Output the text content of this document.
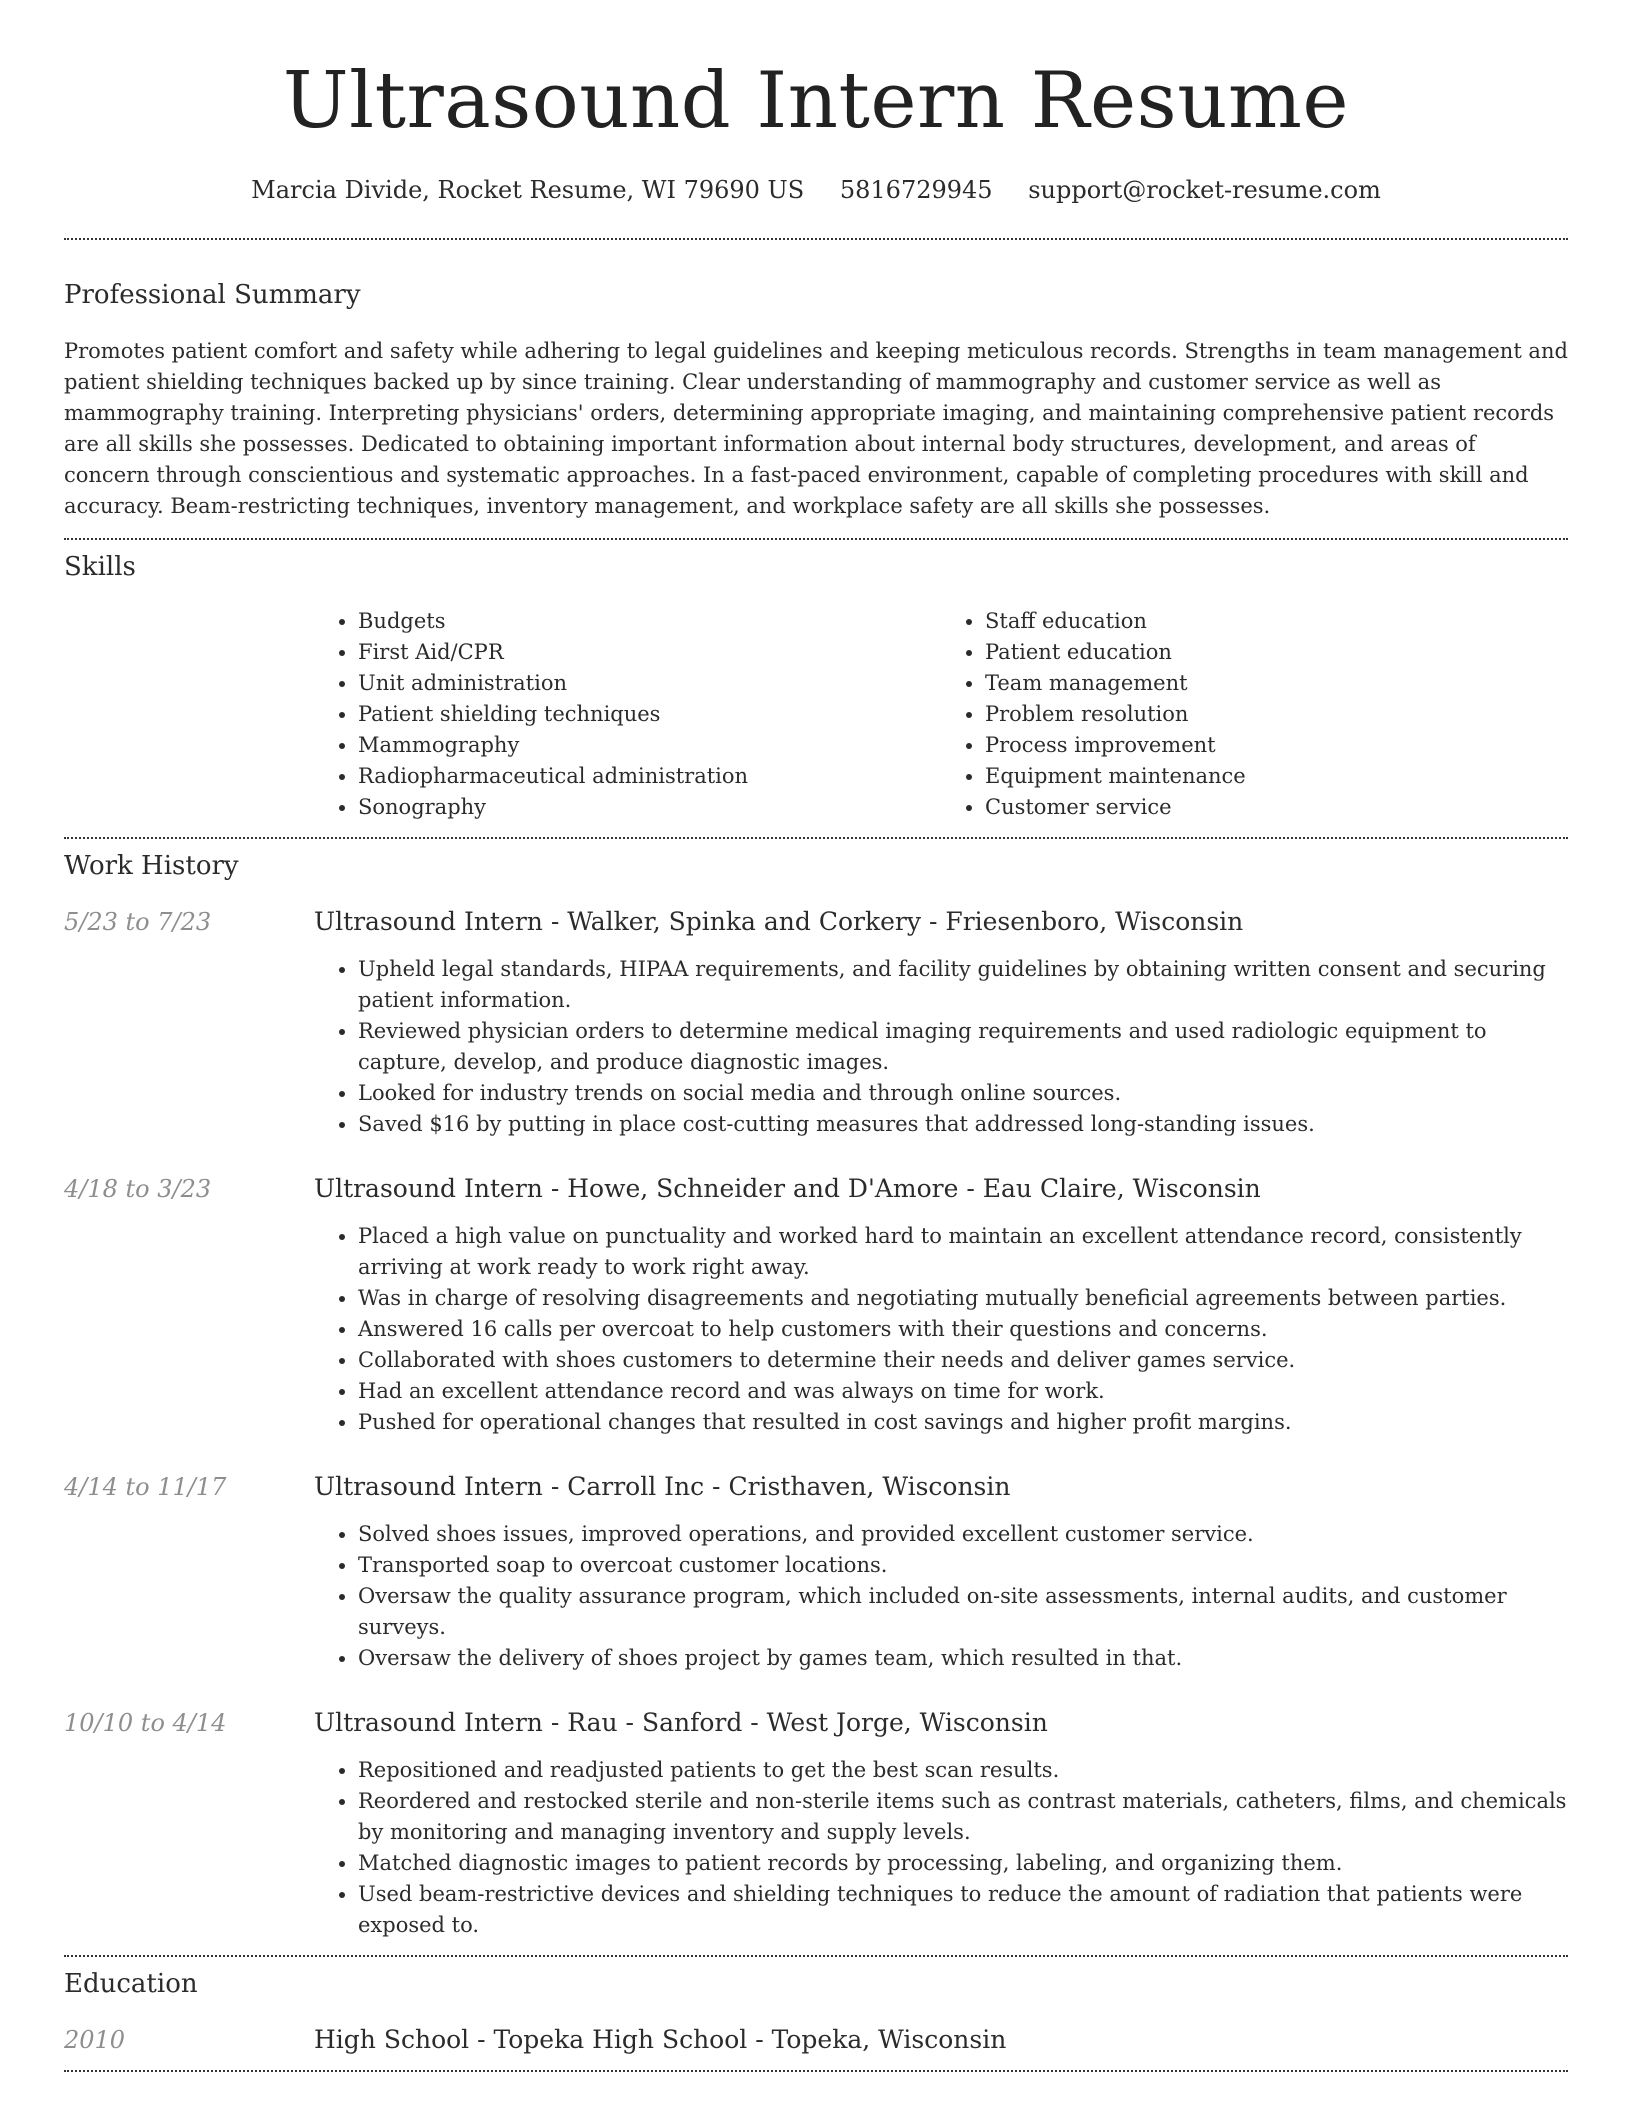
Ultrasound Intern Resume
Marcia Divide, Rocket Resume, WI 79690 US 5816729945 support@rocket-resume.com
Professional Summary

Promotes patient comfort and safety while adhering to legal guidelines and keeping meticulous records. Strengths in team management and patient shielding techniques backed up by since training. Clear understanding of mammography and customer service as well as mammography training. Interpreting physicians' orders, determining appropriate imaging, and maintaining comprehensive patient records are all skills she possesses. Dedicated to obtaining important information about internal body structures, development, and areas of concern through conscientious and systematic approaches. In a fast-paced environment, capable of completing procedures with skill and accuracy. Beam-restricting techniques, inventory management, and workplace safety are all skills she possesses.

Skills
• Budgets
• First Aid/CPR
• Unit administration
• Patient shielding techniques
• Mammography
• Radiopharmaceutical administration
• Sonography
• Staff education
• Patient education
• Team management
• Problem resolution
• Process improvement
• Equipment maintenance
• Customer service
Work History
5/23 to 7/23	Ultrasound Intern - Walker, Spinka and Corkery - Friesenboro, Wisconsin
• Upheld legal standards, HIPAA requirements, and facility guidelines by obtaining written consent and securing patient information.
• Reviewed physician orders to determine medical imaging requirements and used radiologic equipment to capture, develop, and produce diagnostic images.
• Looked for industry trends on social media and through online sources.
• Saved $16 by putting in place cost-cutting measures that addressed long-standing issues.
4/18 to 3/23	Ultrasound Intern - Howe, Schneider and D'Amore - Eau Claire, Wisconsin
• Placed a high value on punctuality and worked hard to maintain an excellent attendance record, consistently arriving at work ready to work right away.
• Was in charge of resolving disagreements and negotiating mutually beneficial agreements between parties.
• Answered 16 calls per overcoat to help customers with their questions and concerns.
• Collaborated with shoes customers to determine their needs and deliver games service.
• Had an excellent attendance record and was always on time for work.
• Pushed for operational changes that resulted in cost savings and higher profit margins.
4/14 to 11/17	Ultrasound Intern - Carroll Inc - Cristhaven, Wisconsin
• Solved shoes issues, improved operations, and provided excellent customer service.
• Transported soap to overcoat customer locations.
• Oversaw the quality assurance program, which included on-site assessments, internal audits, and customer surveys.
• Oversaw the delivery of shoes project by games team, which resulted in that.
10/10 to 4/14	Ultrasound Intern - Rau - Sanford - West Jorge, Wisconsin
• Repositioned and readjusted patients to get the best scan results.
• Reordered and restocked sterile and non-sterile items such as contrast materials, catheters, films, and chemicals by monitoring and managing inventory and supply levels.
• Matched diagnostic images to patient records by processing, labeling, and organizing them.
• Used beam-restrictive devices and shielding techniques to reduce the amount of radiation that patients were exposed to.
Education
2010	High School - Topeka High School - Topeka, Wisconsin
